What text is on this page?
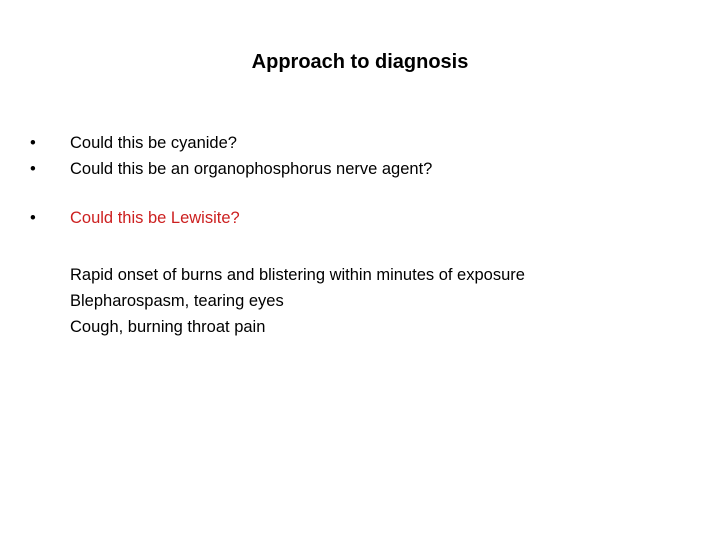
Approach to diagnosis
•	Could this be cyanide?
•	Could this be an organophosphorus nerve agent?
•	Could this be Lewisite?
Rapid onset of burns and blistering within minutes of exposure
Blepharospasm, tearing eyes
Cough, burning throat pain
